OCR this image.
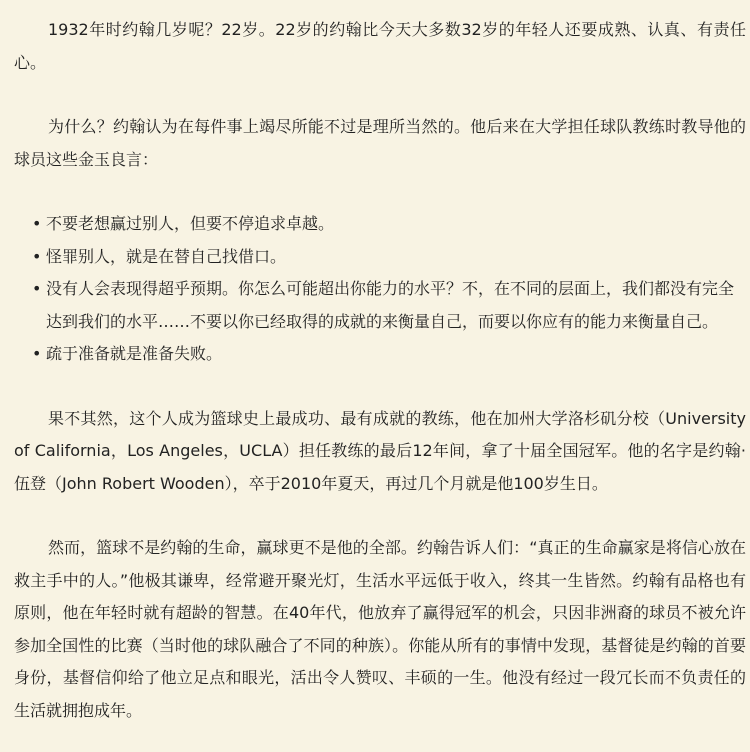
1932年时约翰几岁呢？22岁。22岁的约翰比今天大多数32岁的年轻人还要成熟、认真、有责任心。

为什么？约翰认为在每件事上竭尽所能不过是理所当然的。他后来在大学担任球队教练时教导他的球员这些金玉良言：

• 不要老想赢过别人，但要不停追求卓越。
• 怪罪别人，就是在替自己找借口。
• 没有人会表现得超乎预期。你怎么可能超出你能力的水平？不，在不同的层面上，我们都没有完全达到我们的水平……不要以你已经取得的成就的来衡量自己，而要以你应有的能力来衡量自己。
• 疏于准备就是准备失败。

果不其然，这个人成为篮球史上最成功、最有成就的教练，他在加州大学洛杉矶分校（University of California，Los Angeles，UCLA）担任教练的最后12年间，拿了十届全国冠军。他的名字是约翰·伍登（John Robert Wooden），卒于2010年夏天，再过几个月就是他100岁生日。

然而，篮球不是约翰的生命，赢球更不是他的全部。约翰告诉人们：“真正的生命赢家是将信心放在救主手中的人。”他极其谦卑，经常避开聚光灯，生活水平远低于收入，终其一生皆然。约翰有品格也有原则，他在年轻时就有超龄的智慧。在40年代，他放弃了赢得冠军的机会，只因非洲裔的球员不被允许参加全国性的比赛（当时他的球队融合了不同的种族）。你能从所有的事情中发现，基督徒是约翰的首要身份，基督信仰给了他立足点和眼光，活出令人赞叹、丰硕的一生。他没有经过一段冗长而不负责任的生活就拥抱成年。
